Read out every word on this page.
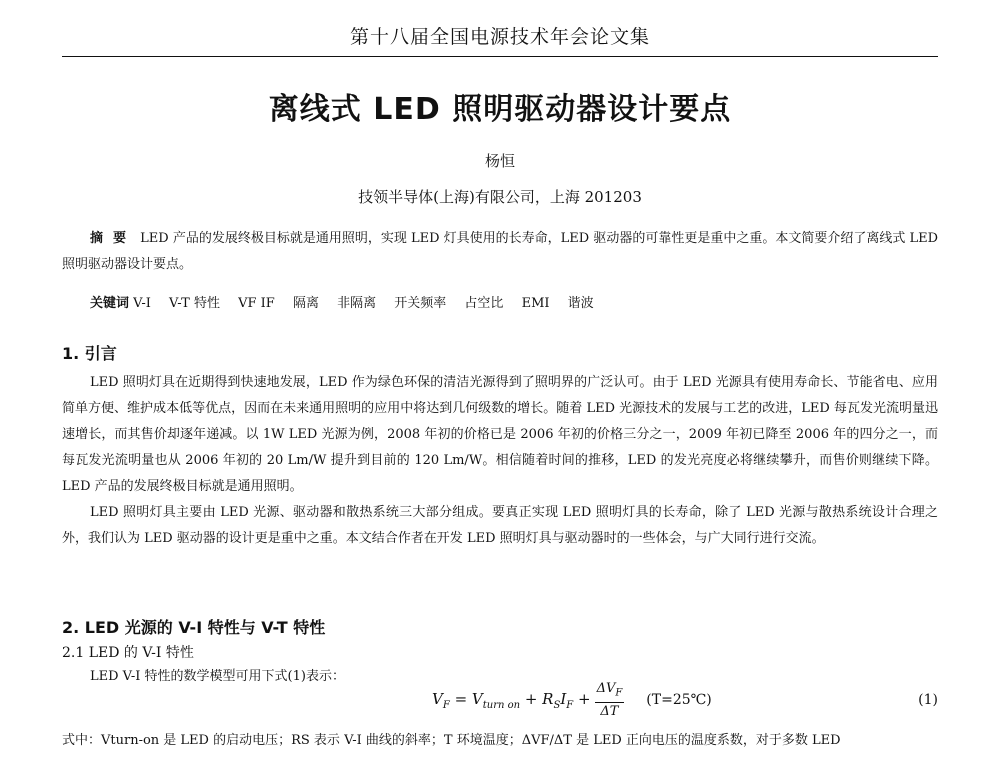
第十八届全国电源技术年会论文集
离线式 LED 照明驱动器设计要点
杨恒
技领半导体(上海)有限公司，上海 201203
摘要 LED 产品的发展终极目标就是通用照明，实现 LED 灯具使用的长寿命，LED 驱动器的可靠性更是重中之重。本文简要介绍了离线式 LED 照明驱动器设计要点。
关键词 V-I V-T 特性 VF IF 隔离 非隔离 开关频率 占空比 EMI 谐波
1. 引言
LED 照明灯具在近期得到快速地发展，LED 作为绿色环保的清洁光源得到了照明界的广泛认可。由于 LED 光源具有使用寿命长、节能省电、应用简单方便、维护成本低等优点，因而在未来通用照明的应用中将达到几何级数的增长。随着 LED 光源技术的发展与工艺的改进，LED 每瓦发光流明量迅速增长，而其售价却逐年递减。以 1W LED 光源为例，2008 年初的价格已是 2006 年初的价格三分之一，2009 年初已降至 2006 年的四分之一，而每瓦发光流明量也从 2006 年初的 20 Lm/W 提升到目前的 120 Lm/W。相信随着时间的推移，LED 的发光亮度必将继续攀升，而售价则继续下降。LED 产品的发展终极目标就是通用照明。
LED 照明灯具主要由 LED 光源、驱动器和散热系统三大部分组成。要真正实现 LED 照明灯具的长寿命，除了 LED 光源与散热系统设计合理之外，我们认为 LED 驱动器的设计更是重中之重。本文结合作者在开发 LED 照明灯具与驱动器时的一些体会，与广大同行进行交流。
2. LED 光源的 V-I 特性与 V-T 特性
2.1 LED 的 V-I 特性
LED V-I 特性的数学模型可用下式(1)表示：
$V_F = V_{turn on} + R_SI_F + \frac{\Delta V_F}{\Delta T}$ (T=25℃)	(1)
式中：Vturn-on 是 LED 的启动电压；RS 表示 V-I 曲线的斜率；T 环境温度；ΔVF/ΔT 是 LED 正向电压的温度系数，对于多数 LED
